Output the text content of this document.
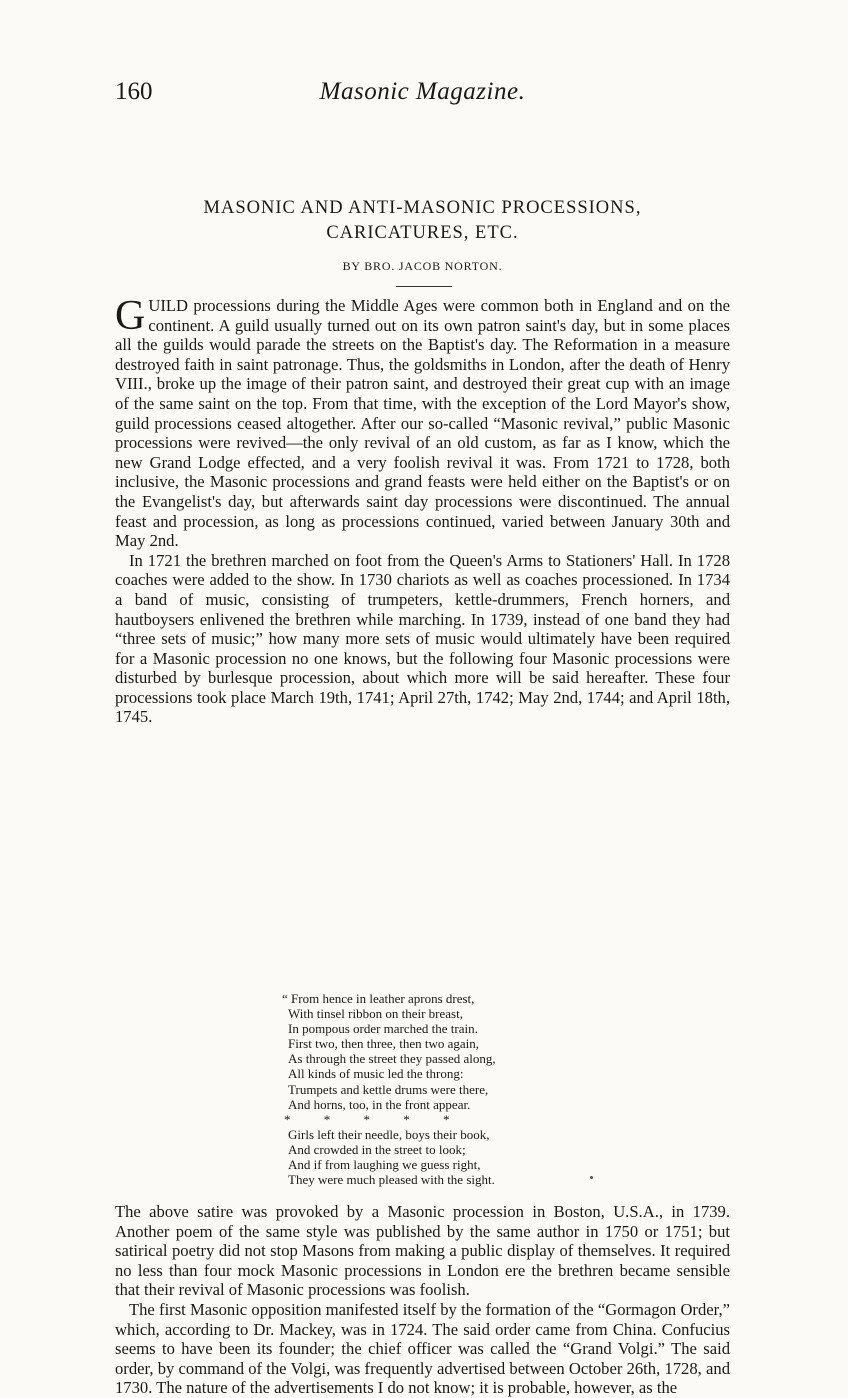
160	Masonic Magazine.
MASONIC AND ANTI-MASONIC PROCESSIONS,
CARICATURES, ETC.
BY BRO. JACOB NORTON.

GUILD processions during the Middle Ages were common both in England and on the continent. A guild usually turned out on its own patron saint's day, but in some places all the guilds would parade the streets on the Baptist's day. The Reformation in a measure destroyed faith in saint patronage. Thus, the goldsmiths in London, after the death of Henry VIII., broke up the image of their patron saint, and destroyed their great cup with an image of the same saint on the top. From that time, with the exception of the Lord Mayor's show, guild processions ceased altogether. After our so-called “Masonic revival,” public Masonic processions were revived—the only revival of an old custom, as far as I know, which the new Grand Lodge effected, and a very foolish revival it was. From 1721 to 1728, both inclusive, the Masonic processions and grand feasts were held either on the Baptist's or on the Evangelist's day, but afterwards saint day processions were discontinued. The annual feast and procession, as long as processions continued, varied between January 30th and May 2nd.

In 1721 the brethren marched on foot from the Queen's Arms to Stationers' Hall. In 1728 coaches were added to the show. In 1730 chariots as well as coaches processioned. In 1734 a band of music, consisting of trumpeters, kettle-drummers, French horners, and hautboysers enlivened the brethren while marching. In 1739, instead of one band they had “three sets of music;” how many more sets of music would ultimately have been required for a Masonic procession no one knows, but the following four Masonic processions were disturbed by burlesque procession, about which more will be said hereafter. These four processions took place March 19th, 1741; April 27th, 1742; May 2nd, 1744; and April 18th, 1745.

“ From hence in leather aprons drest,
With tinsel ribbon on their breast,
In pompous order marched the train.
First two, then three, then two again,
As through the street they passed along,
All kinds of music led the throng:
Trumpets and kettle drums were there,
And horns, too, in the front appear.
* * * * *
Girls left their needle, boys their book,
And crowded in the street to look;
And if from laughing we guess right,
They were much pleased with the sight.

The above satire was provoked by a Masonic procession in Boston, U.S.A., in 1739. Another poem of the same style was published by the same author in 1750 or 1751; but satirical poetry did not stop Masons from making a public display of themselves. It required no less than four mock Masonic processions in London ere the brethren became sensible that their revival of Masonic processions was foolish.

The first Masonic opposition manifested itself by the formation of the “Gormagon Order,” which, according to Dr. Mackey, was in 1724. The said order came from China. Confucius seems to have been its founder; the chief officer was called the “Grand Volgi.” The said order, by command of the Volgi, was frequently advertised between October 26th, 1728, and 1730. The nature of the advertisements I do not know; it is probable, however, as the
